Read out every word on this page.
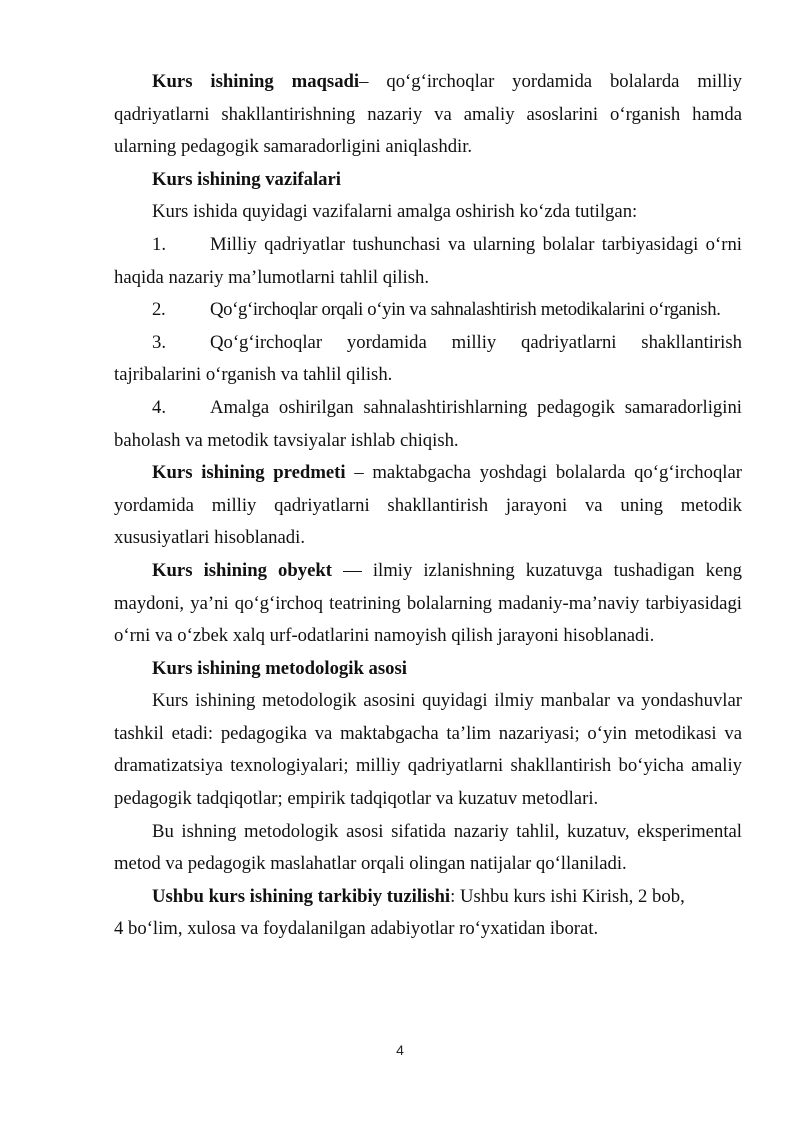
Kurs ishining maqsadi– qo‘g‘irchoqlar yordamida bolalarda milliy qadriyatlarni shakllantirishning nazariy va amaliy asoslarini o‘rganish hamda ularning pedagogik samaradorligini aniqlashdir.

Kurs ishining vazifalari

Kurs ishida quyidagi vazifalarni amalga oshirish ko‘zda tutilgan:

1. Milliy qadriyatlar tushunchasi va ularning bolalar tarbiyasidagi o‘rni haqida nazariy ma’lumotlarni tahlil qilish.

2. Qo‘g‘irchoqlar orqali o‘yin va sahnalashtirish metodikalarini o‘rganish.

3. Qo‘g‘irchoqlar yordamida milliy qadriyatlarni shakllantirish tajribalarini o‘rganish va tahlil qilish.

4. Amalga oshirilgan sahnalashtirishlarning pedagogik samaradorligini baholash va metodik tavsiyalar ishlab chiqish.

Kurs ishining predmeti – maktabgacha yoshdagi bolalarda qo‘g‘irchoqlar yordamida milliy qadriyatlarni shakllantirish jarayoni va uning metodik xususiyatlari hisoblanadi.

Kurs ishining obyekt — ilmiy izlanishning kuzatuvga tushadigan keng maydoni, ya’ni qo‘g‘irchoq teatrining bolalarning madaniy-ma’naviy tarbiyasidagi o‘rni va o‘zbek xalq urf-odatlarini namoyish qilish jarayoni hisoblanadi.

Kurs ishining metodologik asosi

Kurs ishining metodologik asosini quyidagi ilmiy manbalar va yondashuvlar tashkil etadi: pedagogika va maktabgacha ta’lim nazariyasi; o‘yin metodikasi va dramatizatsiya texnologiyalari; milliy qadriyatlarni shakllantirish bo‘yicha amaliy pedagogik tadqiqotlar; empirik tadqiqotlar va kuzatuv metodlari.

Bu ishning metodologik asosi sifatida nazariy tahlil, kuzatuv, eksperimental metod va pedagogik maslahatlar orqali olingan natijalar qo‘llaniladi.

Ushbu kurs ishining tarkibiy tuzilishi: Ushbu kurs ishi Kirish, 2 bob,

4 bo‘lim, xulosa va foydalanilgan adabiyotlar ro‘yxatidan iborat.

4
